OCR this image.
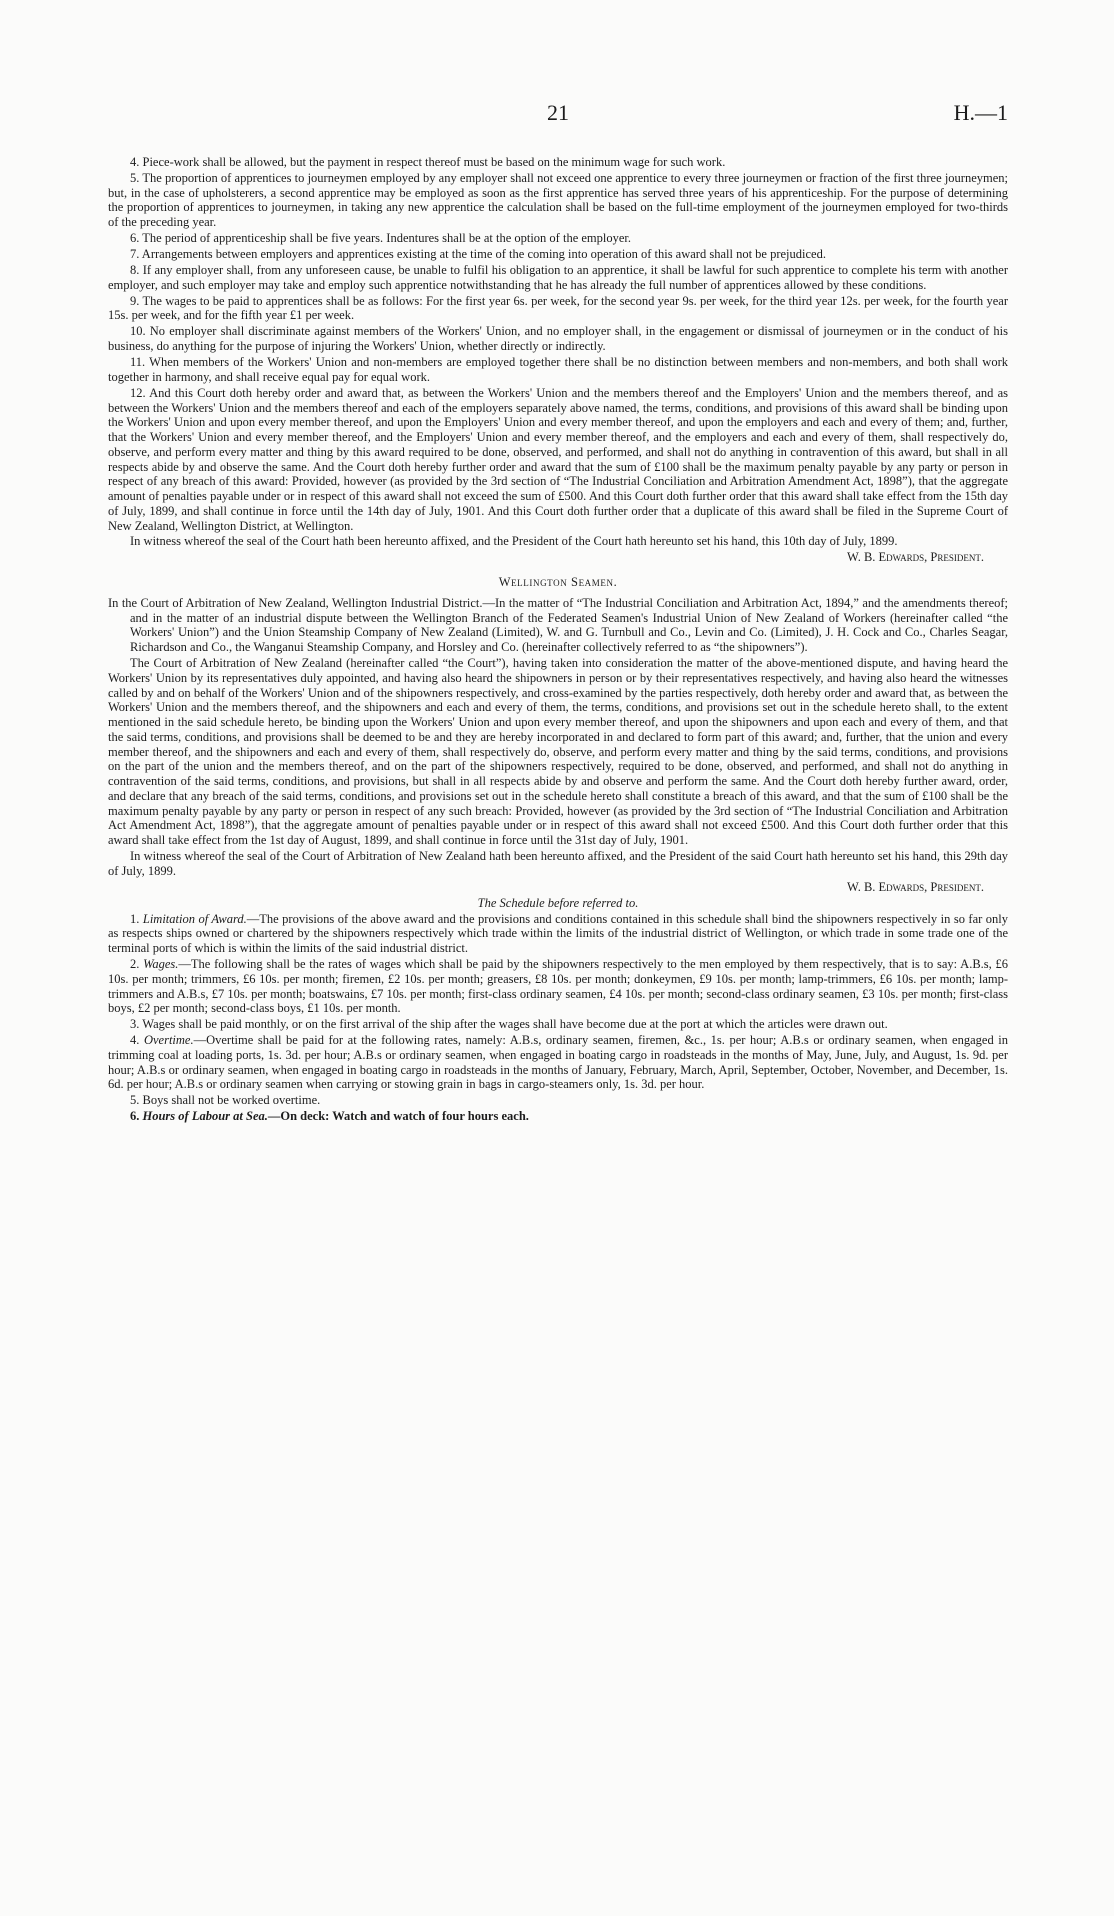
21	H.—1

4. Piece-work shall be allowed, but the payment in respect thereof must be based on the minimum wage for such work.

5. The proportion of apprentices to journeymen employed by any employer shall not exceed one apprentice to every three journeymen or fraction of the first three journeymen; but, in the case of upholsterers, a second apprentice may be employed as soon as the first apprentice has served three years of his apprenticeship. For the purpose of determining the proportion of apprentices to journeymen, in taking any new apprentice the calculation shall be based on the full-time employment of the journeymen employed for two-thirds of the preceding year.

6. The period of apprenticeship shall be five years. Indentures shall be at the option of the employer.

7. Arrangements between employers and apprentices existing at the time of the coming into operation of this award shall not be prejudiced.

8. If any employer shall, from any unforeseen cause, be unable to fulfil his obligation to an apprentice, it shall be lawful for such apprentice to complete his term with another employer, and such employer may take and employ such apprentice notwithstanding that he has already the full number of apprentices allowed by these conditions.

9. The wages to be paid to apprentices shall be as follows: For the first year 6s. per week, for the second year 9s. per week, for the third year 12s. per week, for the fourth year 15s. per week, and for the fifth year £1 per week.

10. No employer shall discriminate against members of the Workers' Union, and no employer shall, in the engagement or dismissal of journeymen or in the conduct of his business, do anything for the purpose of injuring the Workers' Union, whether directly or indirectly.

11. When members of the Workers' Union and non-members are employed together there shall be no distinction between members and non-members, and both shall work together in harmony, and shall receive equal pay for equal work.

12. And this Court doth hereby order and award that, as between the Workers' Union and the members thereof and the Employers' Union and the members thereof, and as between the Workers' Union and the members thereof and each of the employers separately above named, the terms, conditions, and provisions of this award shall be binding upon the Workers' Union and upon every member thereof, and upon the Employers' Union and every member thereof, and upon the employers and each and every of them; and, further, that the Workers' Union and every member thereof, and the Employers' Union and every member thereof, and the employers and each and every of them, shall respectively do, observe, and perform every matter and thing by this award required to be done, observed, and performed, and shall not do anything in contravention of this award, but shall in all respects abide by and observe the same. And the Court doth hereby further order and award that the sum of £100 shall be the maximum penalty payable by any party or person in respect of any breach of this award: Provided, however (as provided by the 3rd section of “The Industrial Conciliation and Arbitration Amendment Act, 1898”), that the aggregate amount of penalties payable under or in respect of this award shall not exceed the sum of £500. And this Court doth further order that this award shall take effect from the 15th day of July, 1899, and shall continue in force until the 14th day of July, 1901. And this Court doth further order that a duplicate of this award shall be filed in the Supreme Court of New Zealand, Wellington District, at Wellington.

In witness whereof the seal of the Court hath been hereunto affixed, and the President of the Court hath hereunto set his hand, this 10th day of July, 1899.

W. B. Edwards, President.

Wellington Seamen.

In the Court of Arbitration of New Zealand, Wellington Industrial District.—In the matter of “The Industrial Conciliation and Arbitration Act, 1894,” and the amendments thereof; and in the matter of an industrial dispute between the Wellington Branch of the Federated Seamen's Industrial Union of New Zealand of Workers (hereinafter called “the Workers' Union”) and the Union Steamship Company of New Zealand (Limited), W. and G. Turnbull and Co., Levin and Co. (Limited), J. H. Cock and Co., Charles Seagar, Richardson and Co., the Wanganui Steamship Company, and Horsley and Co. (hereinafter collectively referred to as “the shipowners”).

The Court of Arbitration of New Zealand (hereinafter called “the Court”), having taken into consideration the matter of the above-mentioned dispute, and having heard the Workers' Union by its representatives duly appointed, and having also heard the shipowners in person or by their representatives respectively, and having also heard the witnesses called by and on behalf of the Workers' Union and of the shipowners respectively, and cross-examined by the parties respectively, doth hereby order and award that, as between the Workers' Union and the members thereof, and the shipowners and each and every of them, the terms, conditions, and provisions set out in the schedule hereto shall, to the extent mentioned in the said schedule hereto, be binding upon the Workers' Union and upon every member thereof, and upon the shipowners and upon each and every of them, and that the said terms, conditions, and provisions shall be deemed to be and they are hereby incorporated in and declared to form part of this award; and, further, that the union and every member thereof, and the shipowners and each and every of them, shall respectively do, observe, and perform every matter and thing by the said terms, conditions, and provisions on the part of the union and the members thereof, and on the part of the shipowners respectively, required to be done, observed, and performed, and shall not do anything in contravention of the said terms, conditions, and provisions, but shall in all respects abide by and observe and perform the same. And the Court doth hereby further award, order, and declare that any breach of the said terms, conditions, and provisions set out in the schedule hereto shall constitute a breach of this award, and that the sum of £100 shall be the maximum penalty payable by any party or person in respect of any such breach: Provided, however (as provided by the 3rd section of “The Industrial Conciliation and Arbitration Act Amendment Act, 1898”), that the aggregate amount of penalties payable under or in respect of this award shall not exceed £500. And this Court doth further order that this award shall take effect from the 1st day of August, 1899, and shall continue in force until the 31st day of July, 1901.

In witness whereof the seal of the Court of Arbitration of New Zealand hath been hereunto affixed, and the President of the said Court hath hereunto set his hand, this 29th day of July, 1899.

W. B. Edwards, President.

The Schedule before referred to.

1. Limitation of Award.—The provisions of the above award and the provisions and conditions contained in this schedule shall bind the shipowners respectively in so far only as respects ships owned or chartered by the shipowners respectively which trade within the limits of the industrial district of Wellington, or which trade in some trade one of the terminal ports of which is within the limits of the said industrial district.

2. Wages.—The following shall be the rates of wages which shall be paid by the shipowners respectively to the men employed by them respectively, that is to say: A.B.s, £6 10s. per month; trimmers, £6 10s. per month; firemen, £2 10s. per month; greasers, £8 10s. per month; donkeymen, £9 10s. per month; lamp-trimmers, £6 10s. per month; lamp-trimmers and A.B.s, £7 10s. per month; boatswains, £7 10s. per month; first-class ordinary seamen, £4 10s. per month; second-class ordinary seamen, £3 10s. per month; first-class boys, £2 per month; second-class boys, £1 10s. per month.

3. Wages shall be paid monthly, or on the first arrival of the ship after the wages shall have become due at the port at which the articles were drawn out.

4. Overtime.—Overtime shall be paid for at the following rates, namely: A.B.s, ordinary seamen, firemen, &c., 1s. per hour; A.B.s or ordinary seamen, when engaged in trimming coal at loading ports, 1s. 3d. per hour; A.B.s or ordinary seamen, when engaged in boating cargo in roadsteads in the months of May, June, July, and August, 1s. 9d. per hour; A.B.s or ordinary seamen, when engaged in boating cargo in roadsteads in the months of January, February, March, April, September, October, November, and December, 1s. 6d. per hour; A.B.s or ordinary seamen when carrying or stowing grain in bags in cargo-steamers only, 1s. 3d. per hour.

5. Boys shall not be worked overtime.

6. Hours of Labour at Sea.—On deck: Watch and watch of four hours each.
